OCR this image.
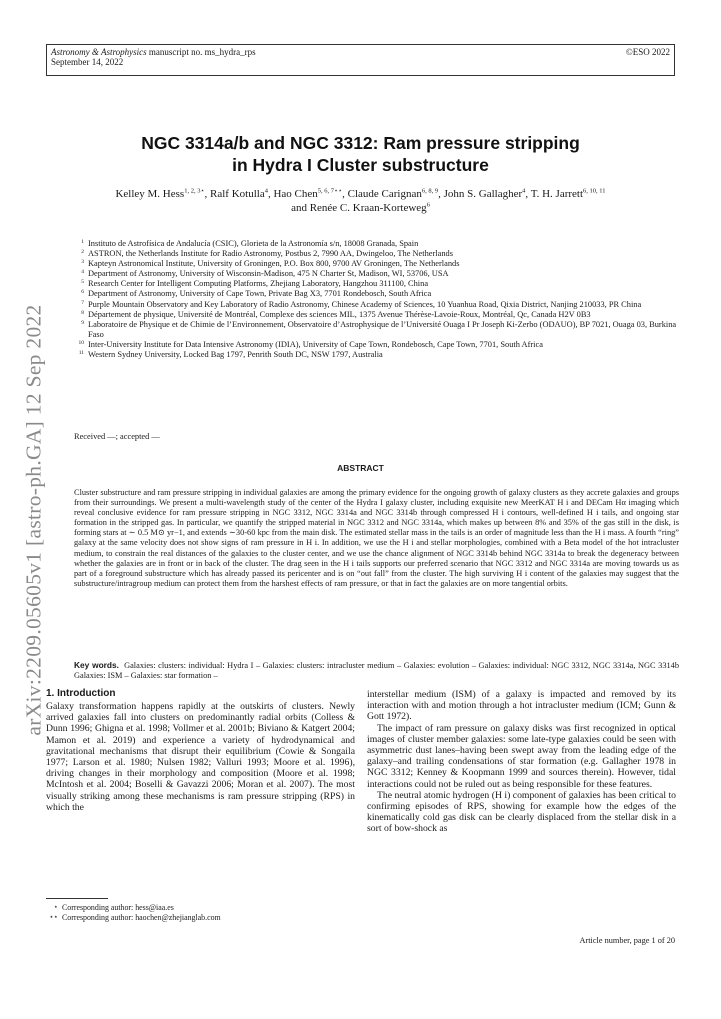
Astronomy & Astrophysics manuscript no. ms_hydra_rps
September 14, 2022
©ESO 2022
arXiv:2209.05605v1 [astro-ph.GA] 12 Sep 2022
NGC 3314a/b and NGC 3312: Ram pressure stripping
in Hydra I Cluster substructure
Kelley M. Hess$^{1, 2, 3⋆}$, Ralf Kotulla$^4$, Hao Chen$^{5, 6, 7⋆⋆}$, Claude Carignan$^{6, 8, 9}$, John S. Gallagher$^4$, T. H. Jarrett$^{6, 10, 11}$
and Renée C. Kraan-Korteweg$^6$
1 Instituto de Astrofísica de Andalucía (CSIC), Glorieta de la Astronomía s/n, 18008 Granada, Spain
2 ASTRON, the Netherlands Institute for Radio Astronomy, Postbus 2, 7990 AA, Dwingeloo, The Netherlands
3 Kapteyn Astronomical Institute, University of Groningen, P.O. Box 800, 9700 AV Groningen, The Netherlands
4 Department of Astronomy, University of Wisconsin-Madison, 475 N Charter St, Madison, WI, 53706, USA
5 Research Center for Intelligent Computing Platforms, Zhejiang Laboratory, Hangzhou 311100, China
6 Department of Astronomy, University of Cape Town, Private Bag X3, 7701 Rondebosch, South Africa
7 Purple Mountain Observatory and Key Laboratory of Radio Astronomy, Chinese Academy of Sciences, 10 Yuanhua Road, Qixia District, Nanjing 210033, PR China
8 Département de physique, Université de Montréal, Complexe des sciences MIL, 1375 Avenue Thérèse-Lavoie-Roux, Montréal, Qc, Canada H2V 0B3
9 Laboratoire de Physique et de Chimie de l’Environnement, Observatoire d’Astrophysique de l’Université Ouaga I Pr Joseph Ki-Zerbo (ODAUO), BP 7021, Ouaga 03, Burkina Faso
10 Inter-University Institute for Data Intensive Astronomy (IDIA), University of Cape Town, Rondebosch, Cape Town, 7701, South Africa
11 Western Sydney University, Locked Bag 1797, Penrith South DC, NSW 1797, Australia
Received —; accepted —
ABSTRACT
Cluster substructure and ram pressure stripping in individual galaxies are among the primary evidence for the ongoing growth of galaxy clusters as they accrete galaxies and groups from their surroundings. We present a multi-wavelength study of the center of the Hydra I galaxy cluster, including exquisite new MeerKAT H i and DECam Hα imaging which reveal conclusive evidence for ram pressure stripping in NGC 3312, NGC 3314a and NGC 3314b through compressed H i contours, well-defined H i tails, and ongoing star formation in the stripped gas. In particular, we quantify the stripped material in NGC 3312 and NGC 3314a, which makes up between 8% and 35% of the gas still in the disk, is forming stars at ∼ 0.5 M⊙ yr−1, and extends ∼30-60 kpc from the main disk. The estimated stellar mass in the tails is an order of magnitude less than the H i mass. A fourth “ring” galaxy at the same velocity does not show signs of ram pressure in H i. In addition, we use the H i and stellar morphologies, combined with a Beta model of the hot intracluster medium, to constrain the real distances of the galaxies to the cluster center, and we use the chance alignment of NGC 3314b behind NGC 3314a to break the degeneracy between whether the galaxies are in front or in back of the cluster. The drag seen in the H i tails supports our preferred scenario that NGC 3312 and NGC 3314a are moving towards us as part of a foreground substructure which has already passed its pericenter and is on “out fall” from the cluster. The high surviving H i content of the galaxies may suggest that the substructure/intragroup medium can protect them from the harshest effects of ram pressure, or that in fact the galaxies are on more tangential orbits.
Key words. Galaxies: clusters: individual: Hydra I – Galaxies: clusters: intracluster medium – Galaxies: evolution – Galaxies: individual: NGC 3312, NGC 3314a, NGC 3314b Galaxies: ISM – Galaxies: star formation –
1. Introduction

Galaxy transformation happens rapidly at the outskirts of clusters. Newly arrived galaxies fall into clusters on predominantly radial orbits (Colless & Dunn 1996; Ghigna et al. 1998; Vollmer et al. 2001b; Biviano & Katgert 2004; Mamon et al. 2019) and experience a variety of hydrodynamical and gravitational mechanisms that disrupt their equilibrium (Cowie & Songaila 1977; Larson et al. 1980; Nulsen 1982; Valluri 1993; Moore et al. 1996), driving changes in their morphology and composition (Moore et al. 1998; McIntosh et al. 2004; Boselli & Gavazzi 2006; Moran et al. 2007). The most visually striking among these mechanisms is ram pressure stripping (RPS) in which the

interstellar medium (ISM) of a galaxy is impacted and removed by its interaction with and motion through a hot intracluster medium (ICM; Gunn & Gott 1972).

The impact of ram pressure on galaxy disks was first recognized in optical images of cluster member galaxies: some late-type galaxies could be seen with asymmetric dust lanes–having been swept away from the leading edge of the galaxy–and trailing condensations of star formation (e.g. Gallagher 1978 in NGC 3312; Kenney & Koopmann 1999 and sources therein). However, tidal interactions could not be ruled out as being responsible for these features.

The neutral atomic hydrogen (H i) component of galaxies has been critical to confirming episodes of RPS, showing for example how the edges of the kinematically cold gas disk can be clearly displaced from the stellar disk in a sort of bow-shock as

⋆ Corresponding author: hess@iaa.es
⋆⋆ Corresponding author: haochen@zhejianglab.com
Article number, page 1 of 20
